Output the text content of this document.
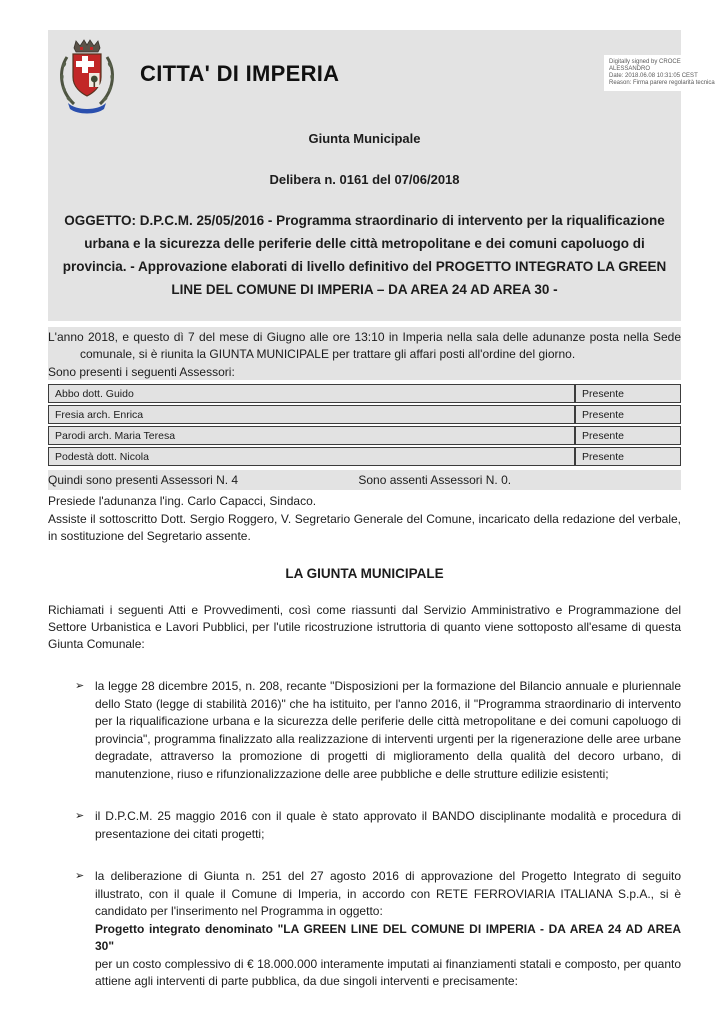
CITTA' DI IMPERIA
Giunta Municipale
Delibera n. 0161 del 07/06/2018
OGGETTO: D.P.C.M. 25/05/2016 - Programma straordinario di intervento per la riqualificazione urbana e la sicurezza delle periferie delle città metropolitane e dei comuni capoluogo di provincia. - Approvazione elaborati di livello definitivo del PROGETTO INTEGRATO LA GREEN LINE DEL COMUNE DI IMPERIA – DA AREA 24 AD AREA 30 -

L'anno 2018, e questo dì 7 del mese di Giugno alle ore 13:10 in Imperia nella sala delle adunanze posta nella Sede comunale, si è riunita la GIUNTA MUNICIPALE per trattare gli affari posti all'ordine del giorno.

Sono presenti i seguenti Assessori:
Abbo dott. Guido	Presente
Fresia arch. Enrica	Presente
Parodi arch. Maria Teresa	Presente
Podestà dott. Nicola	Presente
Quindi sono presenti Assessori N. 4	Sono assenti Assessori N. 0.
Presiede l'adunanza l'ing. Carlo Capacci, Sindaco.
Assiste il sottoscritto Dott. Sergio Roggero, V. Segretario Generale del Comune, incaricato della redazione del verbale, in sostituzione del Segretario assente.
LA GIUNTA MUNICIPALE
Richiamati i seguenti Atti e Provvedimenti, così come riassunti dal Servizio Amministrativo e Programmazione del Settore Urbanistica e Lavori Pubblici, per l'utile ricostruzione istruttoria di quanto viene sottoposto all'esame di questa Giunta Comunale:
➢ la legge 28 dicembre 2015, n. 208, recante "Disposizioni per la formazione del Bilancio annuale e pluriennale dello Stato (legge di stabilità 2016)" che ha istituito, per l'anno 2016, il "Programma straordinario di intervento per la riqualificazione urbana e la sicurezza delle periferie delle città metropolitane e dei comuni capoluogo di provincia", programma finalizzato alla realizzazione di interventi urgenti per la rigenerazione delle aree urbane degradate, attraverso la promozione di progetti di miglioramento della qualità del decoro urbano, di manutenzione, riuso e rifunzionalizzazione delle aree pubbliche e delle strutture edilizie esistenti;
➢ il D.P.C.M. 25 maggio 2016 con il quale è stato approvato il BANDO disciplinante modalità e procedura di presentazione dei citati progetti;
➢ la deliberazione di Giunta n. 251 del 27 agosto 2016 di approvazione del Progetto Integrato di seguito illustrato, con il quale il Comune di Imperia, in accordo con RETE FERROVIARIA ITALIANA S.p.A., si è candidato per l'inserimento nel Programma in oggetto:
Progetto integrato denominato "LA GREEN LINE DEL COMUNE DI IMPERIA - DA AREA 24 AD AREA 30"
per un costo complessivo di € 18.000.000 interamente imputati ai finanziamenti statali e composto, per quanto attiene agli interventi di parte pubblica, da due singoli interventi e precisamente:
Digitally signed by CROCE ALESSANDRO
Date: 2018.06.08 10:31:05 CEST
Reason: Firma parere regolarità tecnica
